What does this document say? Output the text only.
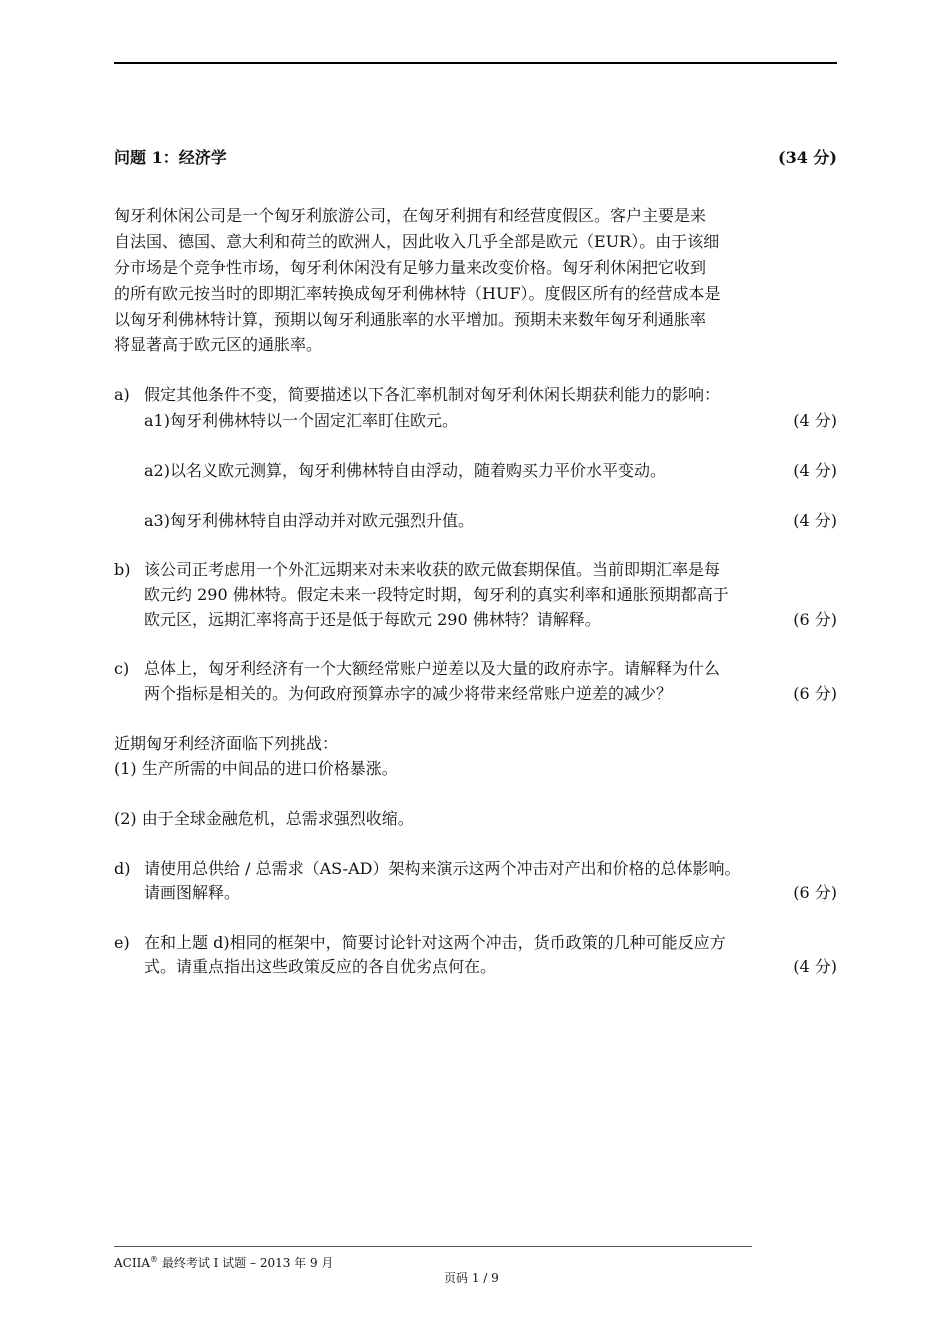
问题 1：经济学	(34 分)
匈牙利休闲公司是一个匈牙利旅游公司，在匈牙利拥有和经营度假区。客户主要是来
自法国、德国、意大利和荷兰的欧洲人，因此收入几乎全部是欧元（EUR）。由于该细
分市场是个竞争性市场，匈牙利休闲没有足够力量来改变价格。匈牙利休闲把它收到
的所有欧元按当时的即期汇率转换成匈牙利佛林特（HUF）。度假区所有的经营成本是
以匈牙利佛林特计算，预期以匈牙利通胀率的水平增加。预期未来数年匈牙利通胀率
将显著高于欧元区的通胀率。
a) 假定其他条件不变，简要描述以下各汇率机制对匈牙利休闲长期获利能力的影响：
a1)匈牙利佛林特以一个固定汇率盯住欧元。	(4 分)
a2)以名义欧元测算，匈牙利佛林特自由浮动，随着购买力平价水平变动。	(4 分)
a3)匈牙利佛林特自由浮动并对欧元强烈升值。	(4 分)
b) 该公司正考虑用一个外汇远期来对未来收获的欧元做套期保值。当前即期汇率是每
欧元约 290 佛林特。假定未来一段特定时期，匈牙利的真实利率和通胀预期都高于
欧元区，远期汇率将高于还是低于每欧元 290 佛林特？请解释。	(6 分)
c) 总体上，匈牙利经济有一个大额经常账户逆差以及大量的政府赤字。请解释为什么
两个指标是相关的。为何政府预算赤字的减少将带来经常账户逆差的减少？	(6 分)
近期匈牙利经济面临下列挑战：
(1) 生产所需的中间品的进口价格暴涨。
(2) 由于全球金融危机，总需求强烈收缩。
d) 请使用总供给 / 总需求（AS-AD）架构来演示这两个冲击对产出和价格的总体影响。
请画图解释。	(6 分)
e) 在和上题 d)相同的框架中，简要讨论针对这两个冲击，货币政策的几种可能反应方
式。请重点指出这些政策反应的各自优劣点何在。	(4 分)
ACIIA® 最终考试 I 试题 – 2013 年 9 月
页码 1 / 9
